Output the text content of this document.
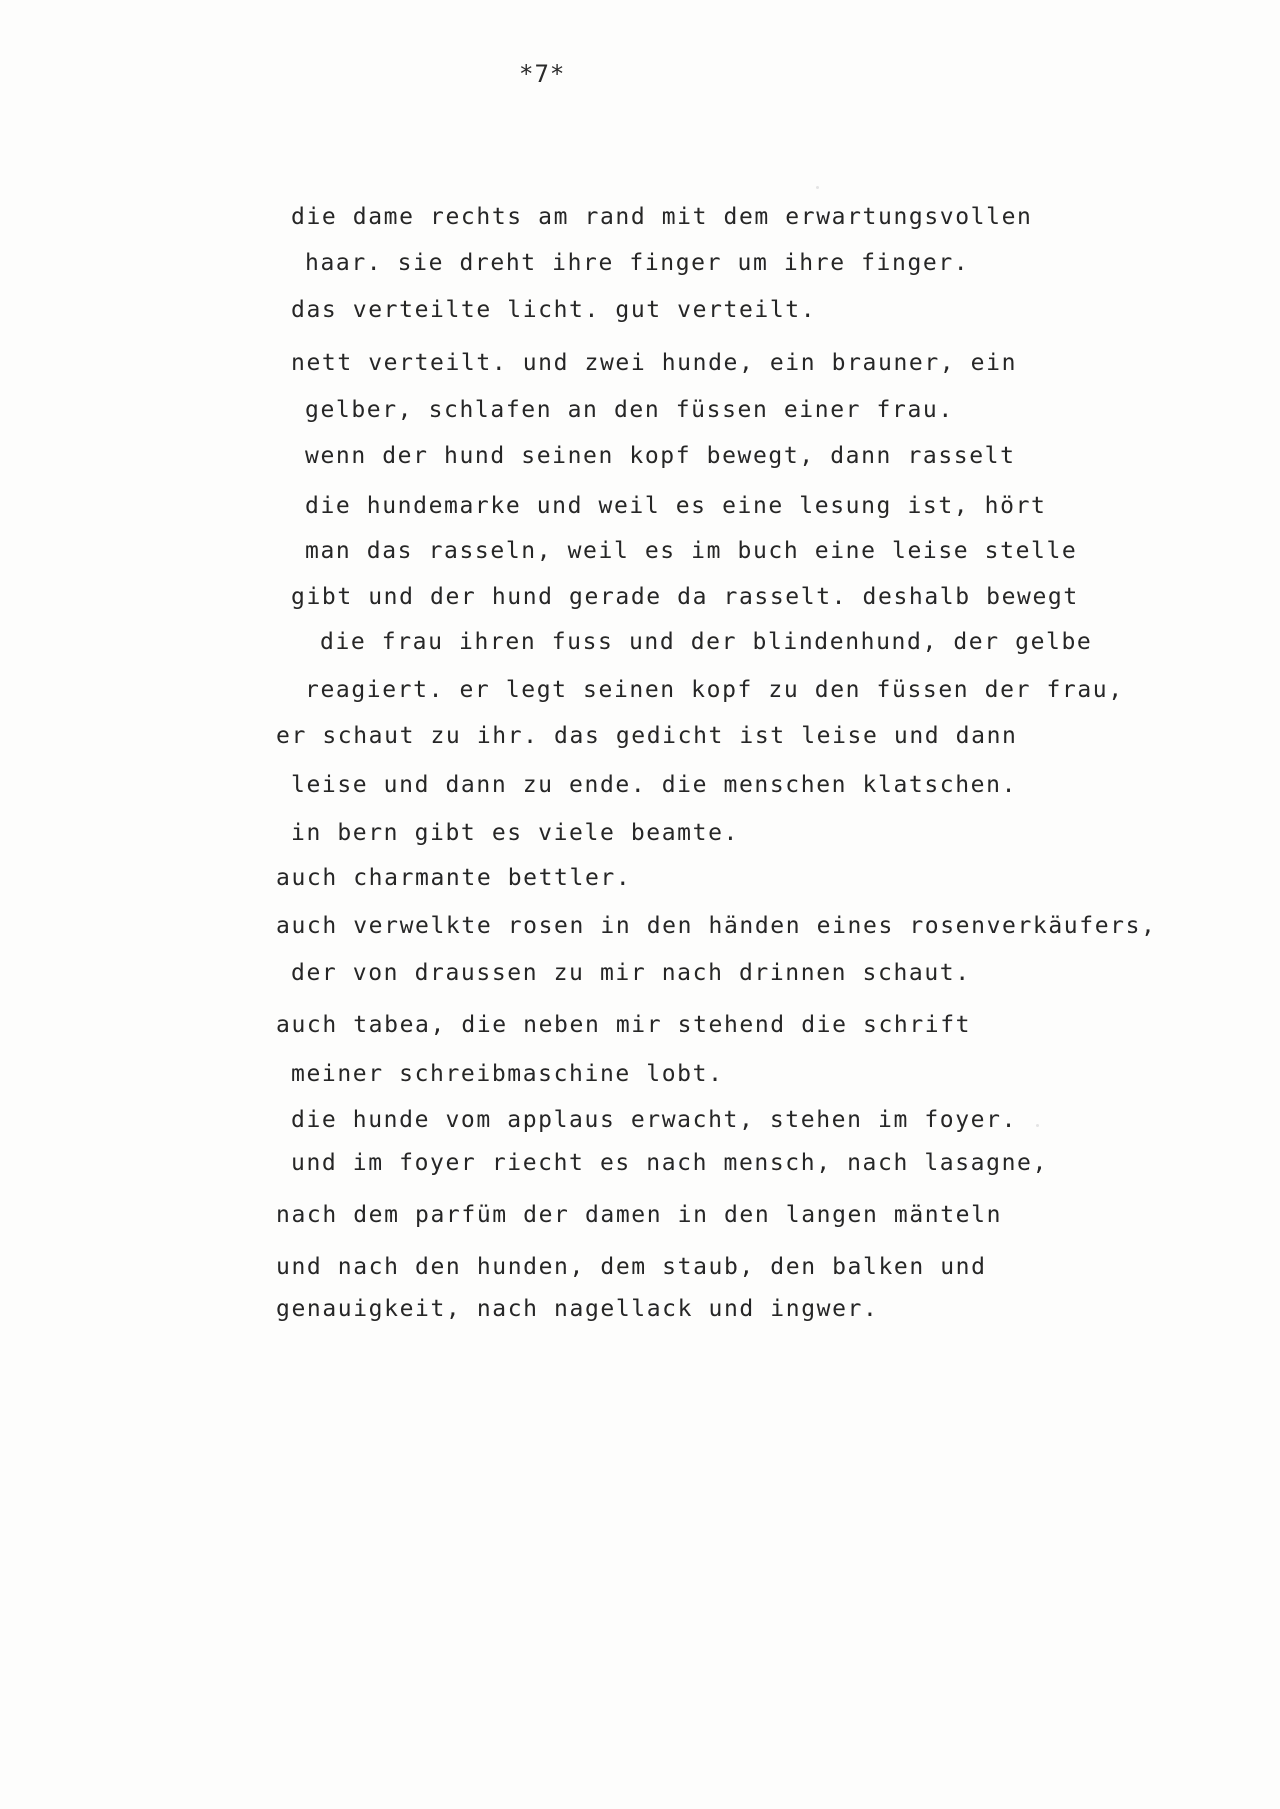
*7*
die dame rechts am rand mit dem erwartungsvollen
haar. sie dreht ihre finger um ihre finger.
das verteilte licht. gut verteilt.
nett verteilt. und zwei hunde, ein brauner, ein
gelber, schlafen an den füssen einer frau.
wenn der hund seinen kopf bewegt, dann rasselt
die hundemarke und weil es eine lesung ist, hört
man das rasseln, weil es im buch eine leise stelle
gibt und der hund gerade da rasselt. deshalb bewegt
die frau ihren fuss und der blindenhund, der gelbe
reagiert. er legt seinen kopf zu den füssen der frau,
er schaut zu ihr. das gedicht ist leise und dann
leise und dann zu ende. die menschen klatschen.
in bern gibt es viele beamte.
auch charmante bettler.
auch verwelkte rosen in den händen eines rosenverkäufers,
der von draussen zu mir nach drinnen schaut.
auch tabea, die neben mir stehend die schrift
meiner schreibmaschine lobt.
die hunde vom applaus erwacht, stehen im foyer.
und im foyer riecht es nach mensch, nach lasagne,
nach dem parfüm der damen in den langen mänteln
und nach den hunden, dem staub, den balken und
genauigkeit, nach nagellack und ingwer.
